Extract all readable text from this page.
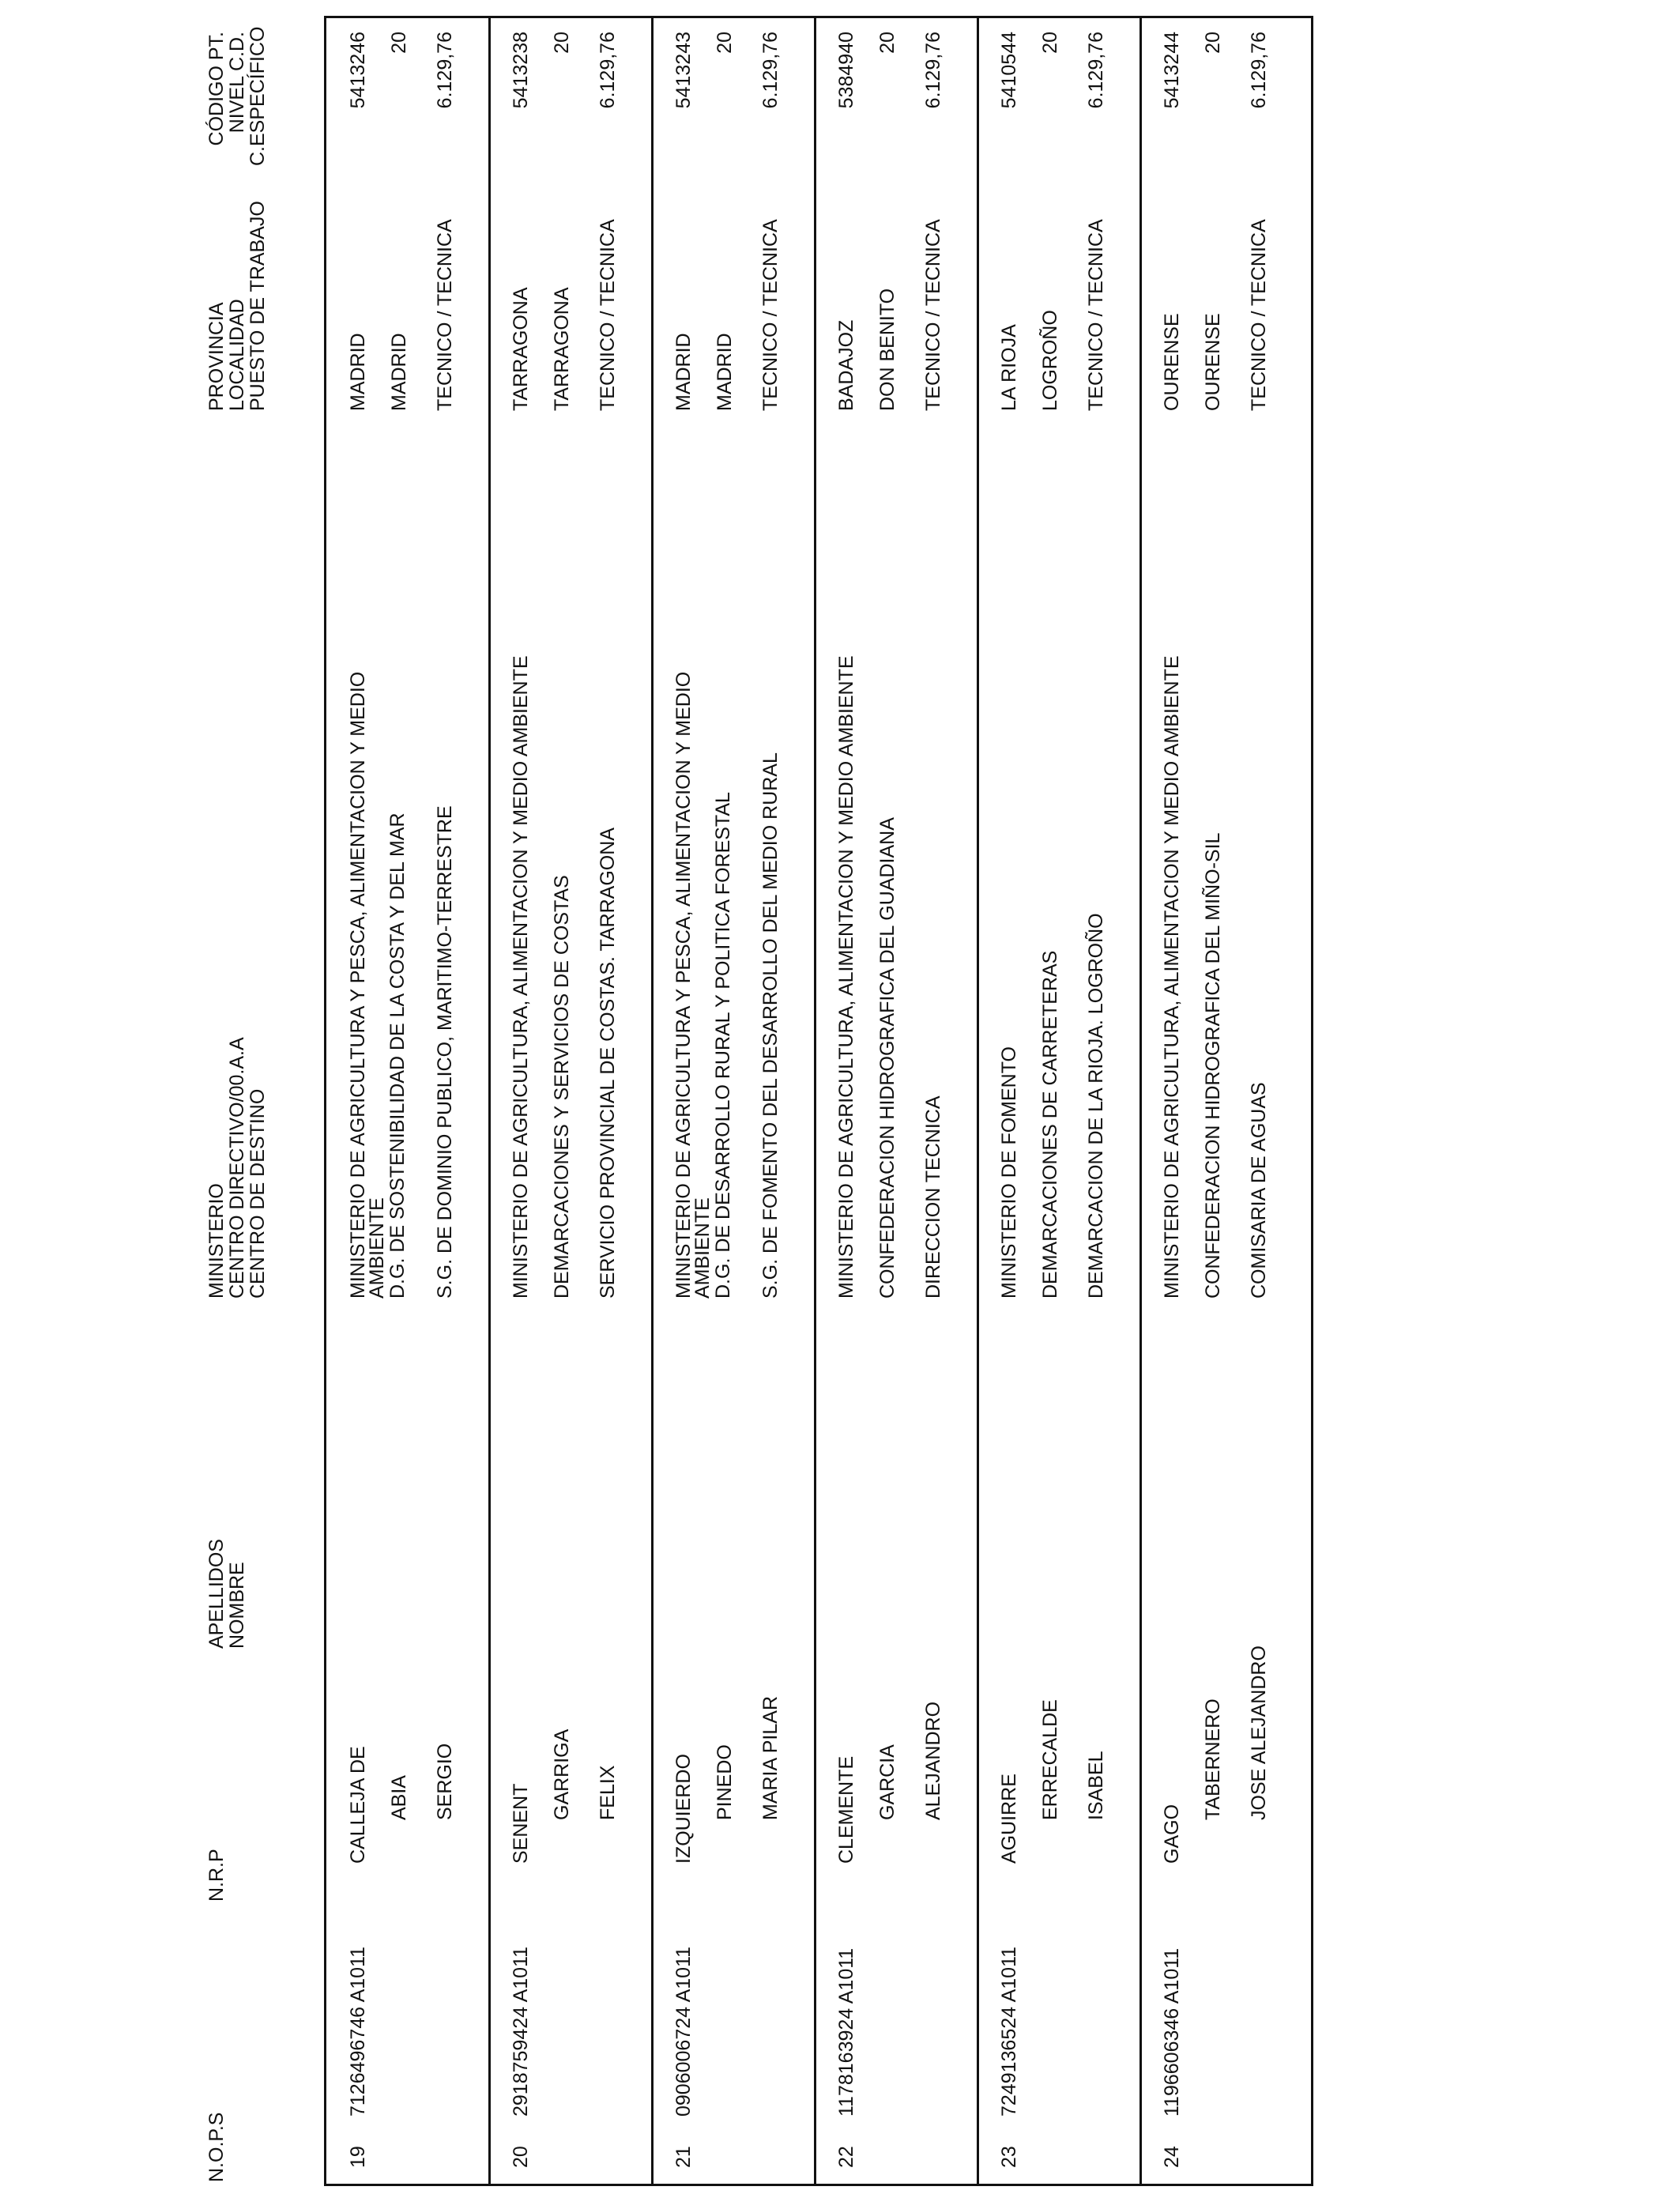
N.O.P.S
N.R.P
APELLIDOS
NOMBRE
MINISTERIO
CENTRO DIRECTIVO/00.A.A
CENTRO DE DESTINO
PROVINCIA
LOCALIDAD
PUESTO DE TRABAJO
CÓDIGO PT.
NIVEL C.D.
C.ESPECÍFICO
19
7126496746 A1011
CALLEJA DE ABIA SERGIO
MINISTERIO DE AGRICULTURA Y PESCA, ALIMENTACION Y MEDIO
AMBIENTE
D.G. DE SOSTENIBILIDAD DE LA COSTA Y DEL MAR S.G. DE DOMINIO PUBLICO, MARITIMO-TERRESTRE
MADRID MADRID TECNICO / TECNICA
5413246 20 6.129,76
20
2918759424 A1011
SENENT
GARRIGA FELIX
MINISTERIO DE AGRICULTURA, ALIMENTACION Y MEDIO AMBIENTE DEMARCACIONES Y SERVICIOS DE COSTAS SERVICIO PROVINCIAL DE COSTAS. TARRAGONA
TARRAGONA TARRAGONA TECNICO / TECNICA
5413238 20 6.129,76
21
0906006724 A1011
IZQUIERDO PINEDO MARIA PILAR
MINISTERIO DE AGRICULTURA Y PESCA, ALIMENTACION Y MEDIO
AMBIENTE
D.G. DE DESARROLLO RURAL Y POLITICA FORESTAL S.G. DE FOMENTO DEL DESARROLLO DEL MEDIO RURAL
MADRID MADRID TECNICO / TECNICA
5413243 20 6.129,76
22
1178163924 A1011
CLEMENTE GARCIA ALEJANDRO
MINISTERIO DE AGRICULTURA, ALIMENTACION Y MEDIO AMBIENTE CONFEDERACION HIDROGRAFICA DEL GUADIANA DIRECCION TECNICA
BADAJOZ DON BENITO TECNICO / TECNICA
5384940 20 6.129,76
23
7249136524 A1011
AGUIRRE ERRECALDE ISABEL
MINISTERIO DE FOMENTO DEMARCACIONES DE CARRETERAS DEMARCACION DE LA RIOJA. LOGROÑO
LA RIOJA LOGROÑO TECNICO / TECNICA
5410544 20 6.129,76
24
1196606346 A1011
GAGO
TABERNERO JOSE ALEJANDRO
MINISTERIO DE AGRICULTURA, ALIMENTACION Y MEDIO AMBIENTE CONFEDERACION HIDROGRAFICA DEL MIÑO-SIL COMISARIA DE AGUAS
OURENSE OURENSE TECNICO / TECNICA
5413244 20 6.129,76
